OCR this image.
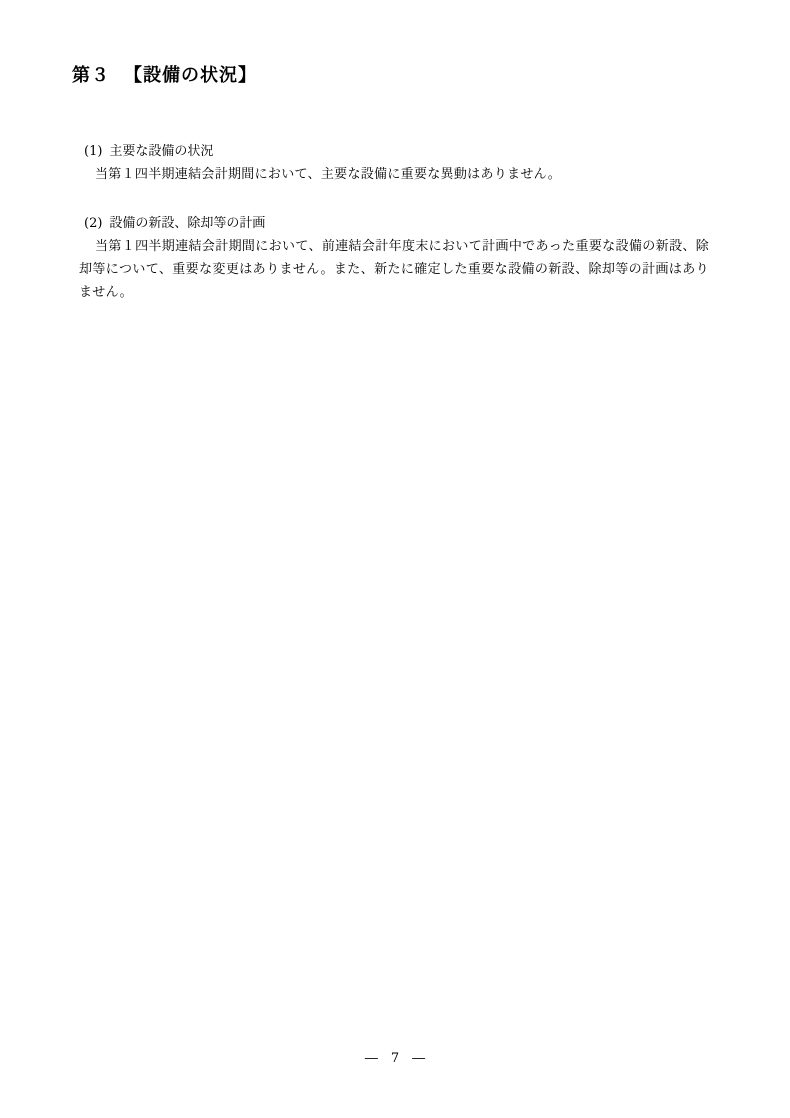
第３ 【設備の状況】
(1) 主要な設備の状況

当第１四半期連結会計期間において、主要な設備に重要な異動はありません。

(2) 設備の新設、除却等の計画

当第１四半期連結会計期間において、前連結会計年度末において計画中であった重要な設備の新設、除却等について、重要な変更はありません。また、新たに確定した重要な設備の新設、除却等の計画はありません。

― 7 ―
